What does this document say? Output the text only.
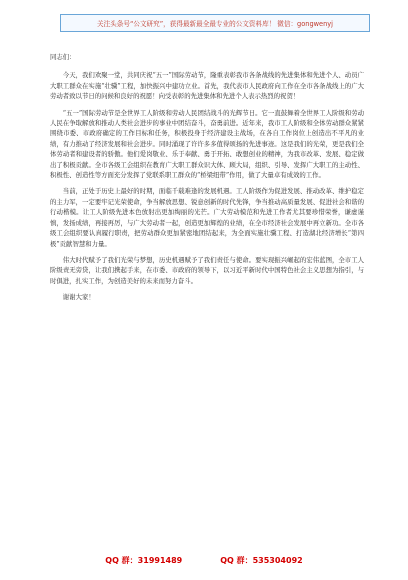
关注头条号“公文研究”，获得最新最全最专业的公文资料库！ 微信：gongwenyj

同志们：

今天，我们欢聚一堂，共同庆祝“五一”国际劳动节，隆重表彰我市各条战线的先进集体和先进个人、动员广大职工群众在实施“壮骥”工程，加快振兴中建功立业。首先，我代表市人民政府向工作在全市各条战线上的广大劳动者致以节日的问候和良好的祝愿！向受表彰的先进集体和先进个人表示热烈的祝贺！

“五一”国际劳动节是全世界工人阶级和劳动人民团结战斗的光辉节日。它一直鼓舞着全世界工人阶级和劳动人民在争取解放和推动人类社会进步的事业中团结奋斗，奋勇前进。近年来，我市工人阶级和全体劳动群众紧紧围绕市委、市政府确定的工作目标和任务，积极投身于经济建设主战场，在各自工作岗位上创造出不平凡的业绩，有力推动了经济发展和社会进步。同时涌现了许许多多值得颂扬的先进事迹。这是我们的光荣，更是我们全体劳动者和建设者的骄傲。他们爱岗敬业、乐于奉献、勇于开拓、敢想创业的精神，为我市改革、发展、稳定做出了积极贡献。全市各级工会组织在教育广大职工群众识大体、顾大局，组织、引导、发挥广大职工的主动性、积极性、创造性等方面充分发挥了党联系职工群众的“桥梁纽带”作用，做了大量卓有成效的工作。

当前，正处于历史上最好的时期，面临千载难逢的发展机遇。工人阶级作为促进发展、推动改革、维护稳定的主力军，一定要牢记光荣使命，争当解放思想、锐意创新的时代先锋，争当推动高质量发展、促进社会和谐的行动楷模。让工人阶级先进本色放射出更加绚丽的光芒。广大劳动模范和先进工作者尤其要珍惜荣誉，谦虚谨慎，发扬成绩，再接再厉，与广大劳动者一起，创造更加辉煌的业绩，在全市经济社会发展中再立新功。全市各级工会组织要认真履行职责，把劳动群众更加紧密地团结起来，为全面实施壮骥工程、打造湖北经济增长“第四极”贡献智慧和力量。

伟大时代赋予了我们光荣与梦想，历史机遇赋予了我们责任与使命。要实现振兴崛起的宏伟蓝图，全市工人阶级责无旁贷，让我们携起手来，在市委、市政府的领导下，以习近平新时代中国特色社会主义思想为指引，与时俱进，扎实工作，为创造美好的未来而努力奋斗。

谢谢大家！

QQ 群：31991489	QQ 群：535304092
